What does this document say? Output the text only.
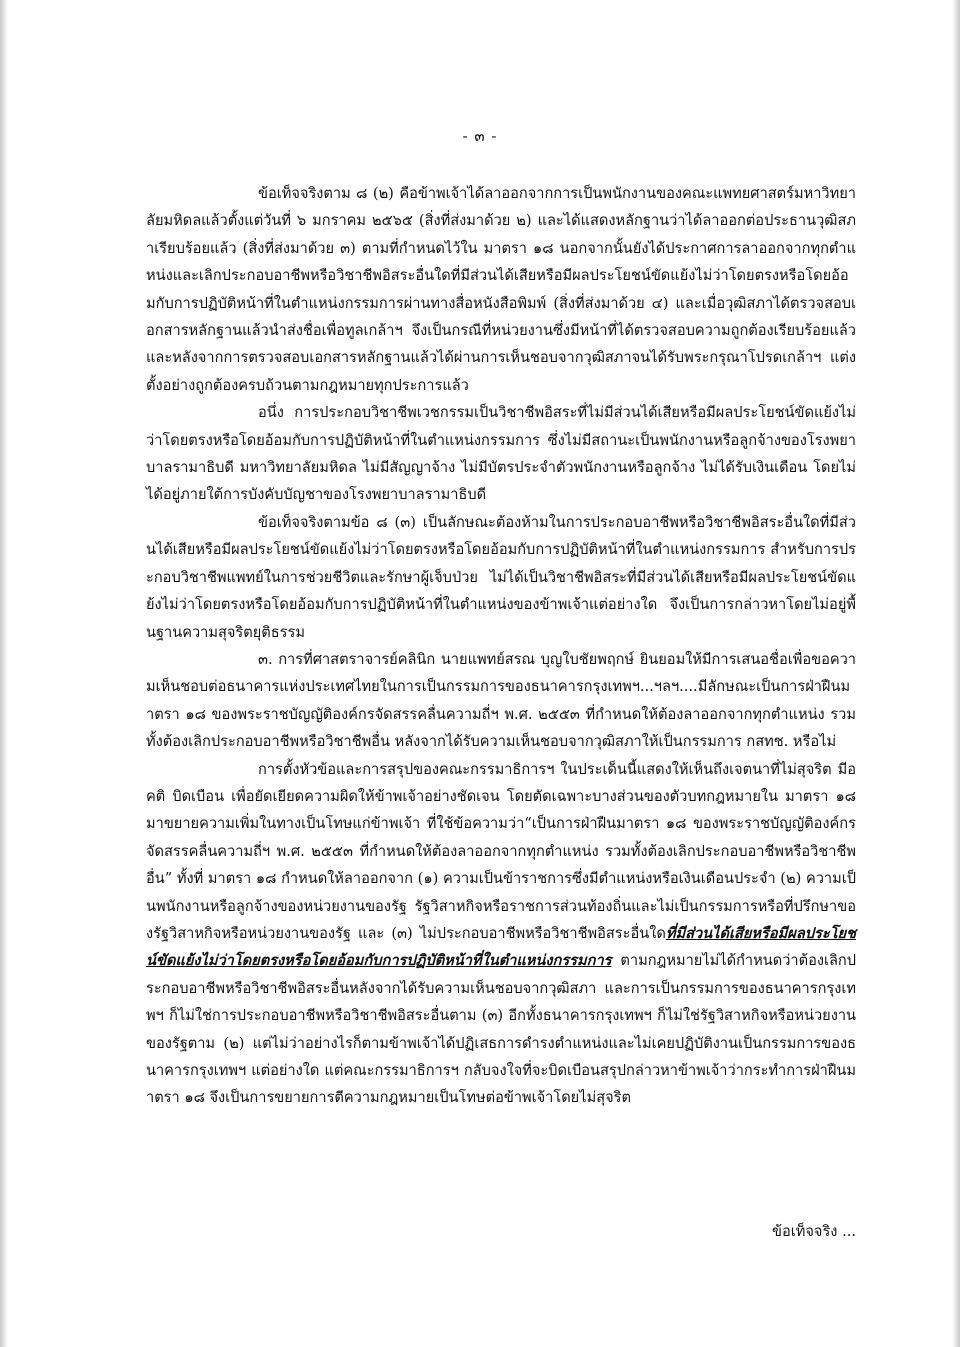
- ๓ -

ข้อเท็จจริงตาม ๘ (๒) คือข้าพเจ้าได้ลาออกจากการเป็นพนักงานของคณะแพทยศาสตร์มหาวิทยาลัยมหิดลแล้วตั้งแต่วันที่ ๖ มกราคม ๒๕๖๕ (สิ่งที่ส่งมาด้วย ๒) และได้แสดงหลักฐานว่าได้ลาออกต่อประธานวุฒิสภาเรียบร้อยแล้ว (สิ่งที่ส่งมาด้วย ๓) ตามที่กำหนดไว้ใน มาตรา ๑๘ นอกจากนั้นยังได้ประกาศการลาออกจากทุกตำแหน่งและเลิกประกอบอาชีพหรือวิชาชีพอิสระอื่นใดที่มีส่วนได้เสียหรือมีผลประโยชน์ขัดแย้งไม่ว่าโดยตรงหรือโดยอ้อมกับการปฏิบัติหน้าที่ในตำแหน่งกรรมการผ่านทางสื่อหนังสือพิมพ์ (สิ่งที่ส่งมาด้วย ๔) และเมื่อวุฒิสภาได้ตรวจสอบเอกสารหลักฐานแล้วนำส่งชื่อเพื่อทูลเกล้าฯ จึงเป็นกรณีที่หน่วยงานซึ่งมีหน้าที่ได้ตรวจสอบความถูกต้องเรียบร้อยแล้ว และหลังจากการตรวจสอบเอกสารหลักฐานแล้วได้ผ่านการเห็นชอบจากวุฒิสภาจนได้รับพระกรุณาโปรดเกล้าฯ แต่งตั้งอย่างถูกต้องครบถ้วนตามกฎหมายทุกประการแล้ว

อนึ่ง การประกอบวิชาชีพเวชกรรมเป็นวิชาชีพอิสระที่ไม่มีส่วนได้เสียหรือมีผลประโยชน์ขัดแย้งไม่ว่าโดยตรงหรือโดยอ้อมกับการปฏิบัติหน้าที่ในตำแหน่งกรรมการ ซึ่งไม่มีสถานะเป็นพนักงานหรือลูกจ้างของโรงพยาบาลรามาธิบดี มหาวิทยาลัยมหิดล ไม่มีสัญญาจ้าง ไม่มีบัตรประจำตัวพนักงานหรือลูกจ้าง ไม่ได้รับเงินเดือน โดยไม่ได้อยู่ภายใต้การบังคับบัญชาของโรงพยาบาลรามาธิบดี

ข้อเท็จจริงตามข้อ ๘ (๓) เป็นลักษณะต้องห้ามในการประกอบอาชีพหรือวิชาชีพอิสระอื่นใดที่มีส่วนได้เสียหรือมีผลประโยชน์ขัดแย้งไม่ว่าโดยตรงหรือโดยอ้อมกับการปฏิบัติหน้าที่ในตำแหน่งกรรมการ สำหรับการประกอบวิชาชีพแพทย์ในการช่วยชีวิตและรักษาผู้เจ็บป่วย ไม่ได้เป็นวิชาชีพอิสระที่มีส่วนได้เสียหรือมีผลประโยชน์ขัดแย้งไม่ว่าโดยตรงหรือโดยอ้อมกับการปฏิบัติหน้าที่ในตำแหน่งของข้าพเจ้าแต่อย่างใด จึงเป็นการกล่าวหาโดยไม่อยู่พื้นฐานความสุจริตยุติธรรม

๓. การที่ศาสตราจารย์คลินิก นายแพทย์สรณ บุญใบชัยพฤกษ์ ยินยอมให้มีการเสนอชื่อเพื่อขอความเห็นชอบต่อธนาคารแห่งประเทศไทยในการเป็นกรรมการของธนาคารกรุงเทพฯ...ฯลฯ....มีลักษณะเป็นการฝ่าฝืนมาตรา ๑๘ ของพระราชบัญญัติองค์กรจัดสรรคลื่นความถี่ฯ พ.ศ. ๒๕๕๓ ที่กำหนดให้ต้องลาออกจากทุกตำแหน่ง รวมทั้งต้องเลิกประกอบอาชีพหรือวิชาชีพอื่น หลังจากได้รับความเห็นชอบจากวุฒิสภาให้เป็นกรรมการ กสทช. หรือไม่

การตั้งหัวข้อและการสรุปของคณะกรรมาธิการฯ ในประเด็นนี้แสดงให้เห็นถึงเจตนาที่ไม่สุจริต มีอคติ บิดเบือน เพื่อยัดเยียดความผิดให้ข้าพเจ้าอย่างชัดเจน โดยตัดเฉพาะบางส่วนของตัวบทกฎหมายใน มาตรา ๑๘ มาขยายความเพิ่มในทางเป็นโทษแก่ข้าพเจ้า ที่ใช้ข้อความว่า“เป็นการฝ่าฝืนมาตรา ๑๘ ของพระราชบัญญัติองค์กรจัดสรรคลื่นความถี่ฯ พ.ศ. ๒๕๕๓ ที่กำหนดให้ต้องลาออกจากทุกตำแหน่ง รวมทั้งต้องเลิกประกอบอาชีพหรือวิชาชีพอื่น” ทั้งที่ มาตรา ๑๘ กำหนดให้ลาออกจาก (๑) ความเป็นข้าราชการซึ่งมีตำแหน่งหรือเงินเดือนประจำ (๒) ความเป็นพนักงานหรือลูกจ้างของหน่วยงานของรัฐ รัฐวิสาหกิจหรือราชการส่วนท้องถิ่นและไม่เป็นกรรมการหรือที่ปรึกษาของรัฐวิสาหกิจหรือหน่วยงานของรัฐ และ (๓) ไม่ประกอบอาชีพหรือวิชาชีพอิสระอื่นใดที่มีส่วนได้เสียหรือมีผลประโยชน์ขัดแย้งไม่ว่าโดยตรงหรือโดยอ้อมกับการปฏิบัติหน้าที่ในตำแหน่งกรรมการ ตามกฎหมายไม่ได้กำหนดว่าต้องเลิกประกอบอาชีพหรือวิชาชีพอิสระอื่นหลังจากได้รับความเห็นชอบจากวุฒิสภา และการเป็นกรรมการของธนาคารกรุงเทพฯ ก็ไม่ใช่การประกอบอาชีพหรือวิชาชีพอิสระอื่นตาม (๓) อีกทั้งธนาคารกรุงเทพฯ ก็ไม่ใช่รัฐวิสาหกิจหรือหน่วยงานของรัฐตาม (๒) แต่ไม่ว่าอย่างไรก็ตามข้าพเจ้าได้ปฏิเสธการดำรงตำแหน่งและไม่เคยปฏิบัติงานเป็นกรรมการของธนาคารกรุงเทพฯ แต่อย่างใด แต่คณะกรรมาธิการฯ กลับจงใจที่จะบิดเบือนสรุปกล่าวหาข้าพเจ้าว่ากระทำการฝ่าฝืนมาตรา ๑๘ จึงเป็นการขยายการตีความกฎหมายเป็นโทษต่อข้าพเจ้าโดยไม่สุจริต

ข้อเท็จจริง ...
